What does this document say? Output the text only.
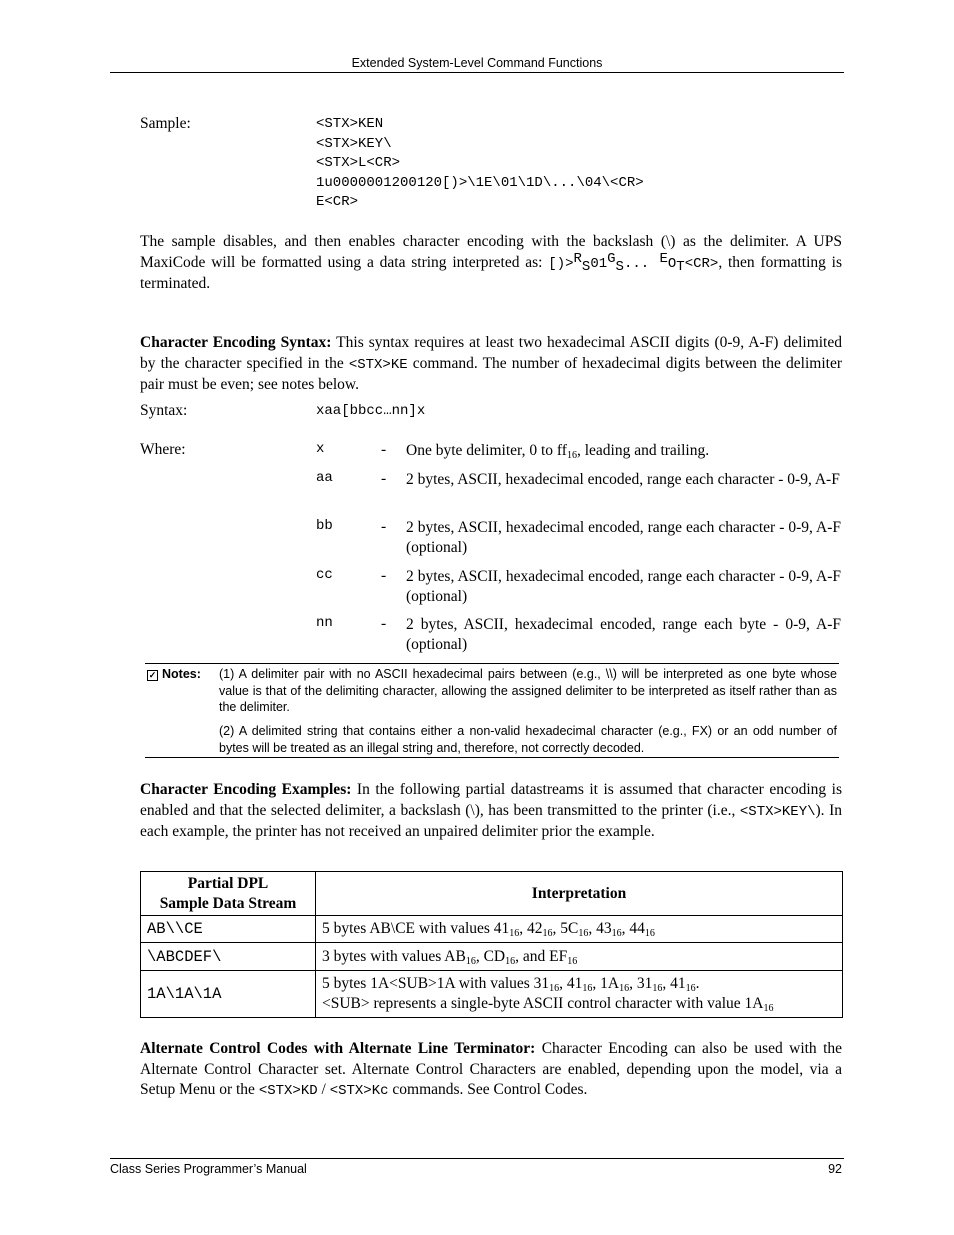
Extended System-Level Command Functions
Sample:	<STX>KEN
<STX>KEY\
<STX>L<CR>
1u0000001200120[)>\1E\01\1D\...\04\<CR>
E<CR>
The sample disables, and then enables character encoding with the backslash (\) as the delimiter. A UPS MaxiCode will be formatted using a data string interpreted as: $[)>^R_S01^G_S$... $^EO_T<CR>$, then formatting is terminated.
Character Encoding Syntax: This syntax requires at least two hexadecimal ASCII digits (0-9, A-F) delimited by the character specified in the <STX>KE command. The number of hexadecimal digits between the delimiter pair must be even; see notes below.
Syntax:	xaa[bbcc…nn]x
Where:	x	- One byte delimiter, 0 to $ff_{16}$, leading and trailing.
aa	- 2 bytes, ASCII, hexadecimal encoded, range each character - 0-9, A-F
bb	- 2 bytes, ASCII, hexadecimal encoded, range each character - 0-9, A-F (optional)
cc	- 2 bytes, ASCII, hexadecimal encoded, range each character - 0-9, A-F (optional)
nn	- 2 bytes, ASCII, hexadecimal encoded, range each byte - 0-9, A-F (optional)
✓ Notes: (1) A delimiter pair with no ASCII hexadecimal pairs between (e.g., \\) will be interpreted as one byte whose value is that of the delimiting character, allowing the assigned delimiter to be interpreted as itself rather than as the delimiter.
(2) A delimited string that contains either a non-valid hexadecimal character (e.g., FX) or an odd number of bytes will be treated as an illegal string and, therefore, not correctly decoded.
Character Encoding Examples: In the following partial datastreams it is assumed that character encoding is enabled and that the selected delimiter, a backslash (\), has been transmitted to the printer (i.e., <STX>KEY\). In each example, the printer has not received an unpaired delimiter prior the example.
Partial DPL
Sample Data Stream	Interpretation
AB\\CE	5 bytes AB\CE with values $41_{16}$, $42_{16}$, $5C_{16}$, $43_{16}$, $44_{16}$
\ABCDEF\	3 bytes with values $AB_{16}$, $CD_{16}$, and $EF_{16}$
1A\1A\1A	5 bytes 1A<SUB>1A with values $31_{16}$, $41_{16}$, $1A_{16}$, $31_{16}$, $41_{16}$.
<SUB> represents a single-byte ASCII control character with value $1A_{16}$
Alternate Control Codes with Alternate Line Terminator: Character Encoding can also be used with the Alternate Control Character set. Alternate Control Characters are enabled, depending upon the model, via a Setup Menu or the <STX>KD / <STX>Kc commands. See Control Codes.
Class Series Programmer’s Manual	92
